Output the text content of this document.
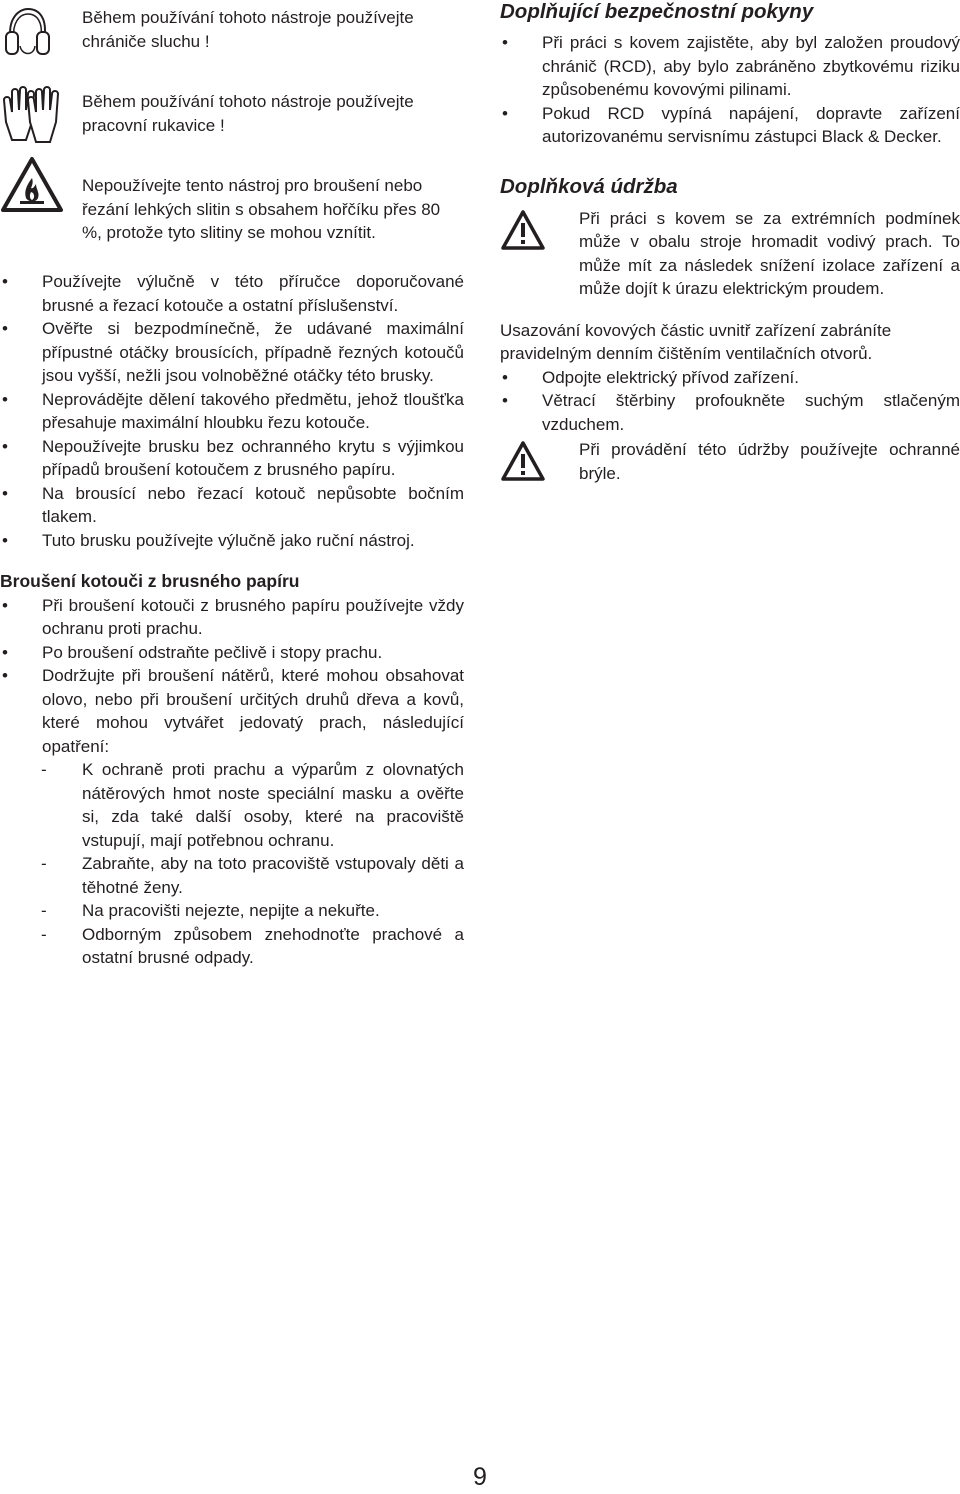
Během používání tohoto nástroje používejte chrániče sluchu !
Během používání tohoto nástroje používejte pracovní rukavice !
Nepoužívejte tento nástroj pro broušení nebo řezání lehkých slitin s obsahem hořčíku přes 80 %, protože tyto slitiny se mohou vznítit.
• Používejte výlučně v této příručce doporučované brusné a řezací kotouče a ostatní příslušenství.
• Ověřte si bezpodmínečně, že udávané maximální přípustné otáčky brousících, případně řezných kotoučů jsou vyšší, nežli jsou volnoběžné otáčky této brusky.
• Neprovádějte dělení takového předmětu, jehož tloušťka přesahuje maximální hloubku řezu kotouče.
• Nepoužívejte brusku bez ochranného krytu s výjimkou případů broušení kotoučem z brusného papíru.
• Na brousící nebo řezací kotouč nepůsobte bočním tlakem.
• Tuto brusku používejte výlučně jako ruční nástroj.
Broušení kotouči z brusného papíru
• Při broušení kotouči z brusného papíru používejte vždy ochranu proti prachu.
• Po broušení odstraňte pečlivě i stopy prachu.
• Dodržujte při broušení nátěrů, které mohou obsahovat olovo, nebo při broušení určitých druhů dřeva a kovů, které mohou vytvářet jedovatý prach, následující opatření:
- K ochraně proti prachu a výparům z olovnatých nátěrových hmot noste speciální masku a ověřte si, zda také další osoby, které na pracoviště vstupují, mají potřebnou ochranu.
- Zabraňte, aby na toto pracoviště vstupovaly děti a těhotné ženy.
- Na pracovišti nejezte, nepijte a nekuřte.
- Odborným způsobem znehodnoťte prachové a ostatní brusné odpady.
Doplňující bezpečnostní pokyny
• Při práci s kovem zajistěte, aby byl založen proudový chránič (RCD), aby bylo zabráněno zbytkovému riziku způsobenému kovovými pilinami.
• Pokud RCD vypíná napájení, dopravte zařízení autorizovanému servisnímu zástupci Black & Decker.
Doplňková údržba
Při práci s kovem se za extrémních podmínek může v obalu stroje hromadit vodivý prach. To může mít za následek snížení izolace zařízení a může dojít k úrazu elektrickým proudem.
Usazování kovových částic uvnitř zařízení zabráníte pravidelným denním čištěním ventilačních otvorů.
• Odpojte elektrický přívod zařízení.
• Větrací štěrbiny profoukněte suchým stlačeným vzduchem.
Při provádění této údržby používejte ochranné brýle.
9
